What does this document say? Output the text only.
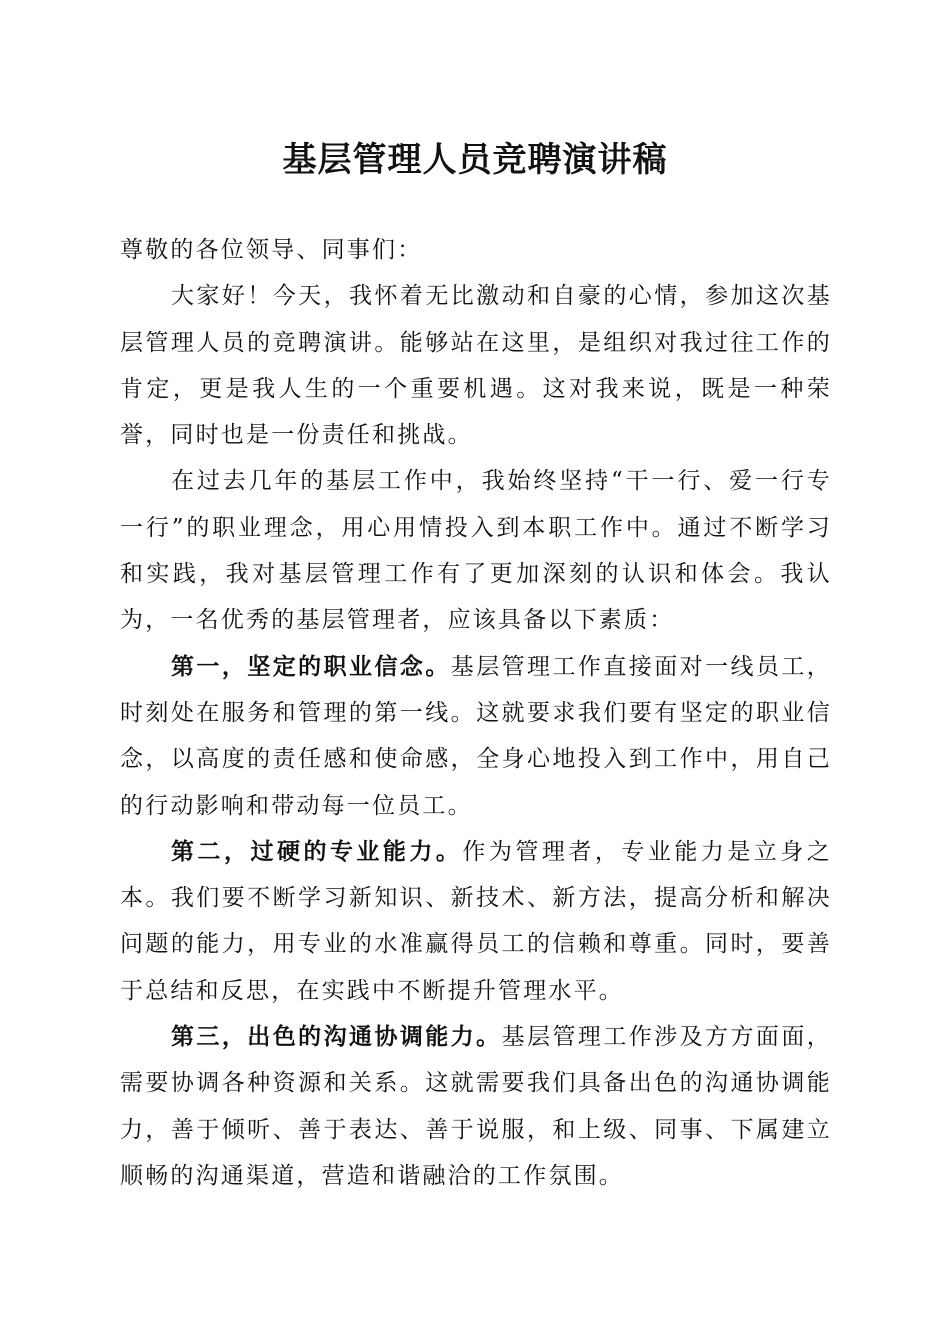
基层管理人员竞聘演讲稿

尊敬的各位领导、同事们：

大家好！今天，我怀着无比激动和自豪的心情，参加这次基层管理人员的竞聘演讲。能够站在这里，是组织对我过往工作的肯定，更是我人生的一个重要机遇。这对我来说，既是一种荣誉，同时也是一份责任和挑战。

在过去几年的基层工作中，我始终坚持“干一行、爱一行专一行”的职业理念，用心用情投入到本职工作中。通过不断学习和实践，我对基层管理工作有了更加深刻的认识和体会。我认为，一名优秀的基层管理者，应该具备以下素质：

第一，坚定的职业信念。基层管理工作直接面对一线员工，时刻处在服务和管理的第一线。这就要求我们要有坚定的职业信念，以高度的责任感和使命感，全身心地投入到工作中，用自己的行动影响和带动每一位员工。

第二，过硬的专业能力。作为管理者，专业能力是立身之本。我们要不断学习新知识、新技术、新方法，提高分析和解决问题的能力，用专业的水准赢得员工的信赖和尊重。同时，要善于总结和反思，在实践中不断提升管理水平。

第三，出色的沟通协调能力。基层管理工作涉及方方面面，需要协调各种资源和关系。这就需要我们具备出色的沟通协调能力，善于倾听、善于表达、善于说服，和上级、同事、下属建立顺畅的沟通渠道，营造和谐融洽的工作氛围。
